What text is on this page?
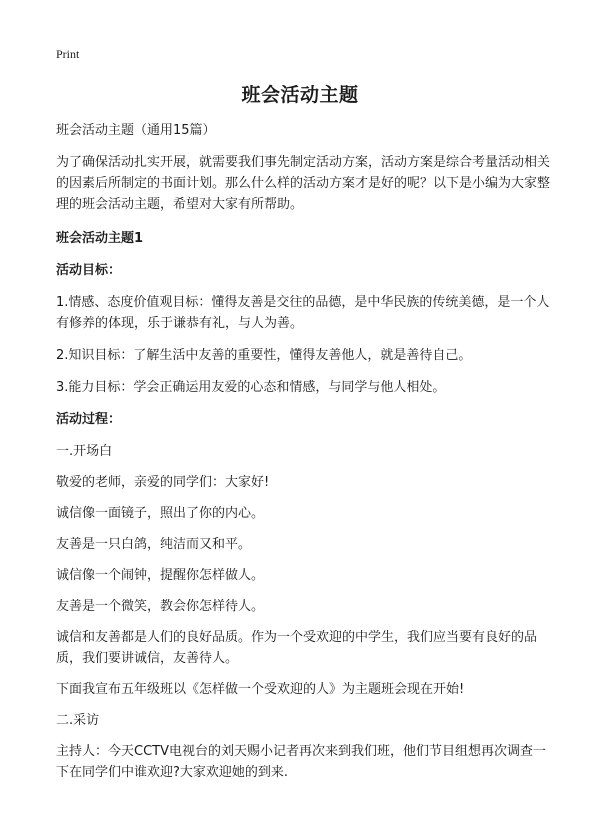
Print
班会活动主题

班会活动主题（通用15篇）

为了确保活动扎实开展，就需要我们事先制定活动方案，活动方案是综合考量活动相关的因素后所制定的书面计划。那么什么样的活动方案才是好的呢？以下是小编为大家整理的班会活动主题，希望对大家有所帮助。

班会活动主题1

活动目标：

1.情感、态度价值观目标：懂得友善是交往的品德，是中华民族的传统美德，是一个人有修养的体现，乐于谦恭有礼，与人为善。

2.知识目标：了解生活中友善的重要性，懂得友善他人，就是善待自己。

3.能力目标：学会正确运用友爱的心态和情感，与同学与他人相处。

活动过程：

一.开场白

敬爱的老师，亲爱的同学们：大家好!

诚信像一面镜子，照出了你的内心。

友善是一只白鸽，纯洁而又和平。

诚信像一个闹钟，提醒你怎样做人。

友善是一个微笑，教会你怎样待人。

诚信和友善都是人们的良好品质。作为一个受欢迎的中学生，我们应当要有良好的品质，我们要讲诚信，友善待人。

下面我宣布五年级班以《怎样做一个受欢迎的人》为主题班会现在开始!

二.采访

主持人：今天CCTV电视台的刘天赐小记者再次来到我们班，他们节目组想再次调查一下在同学们中谁欢迎?大家欢迎她的到来.
